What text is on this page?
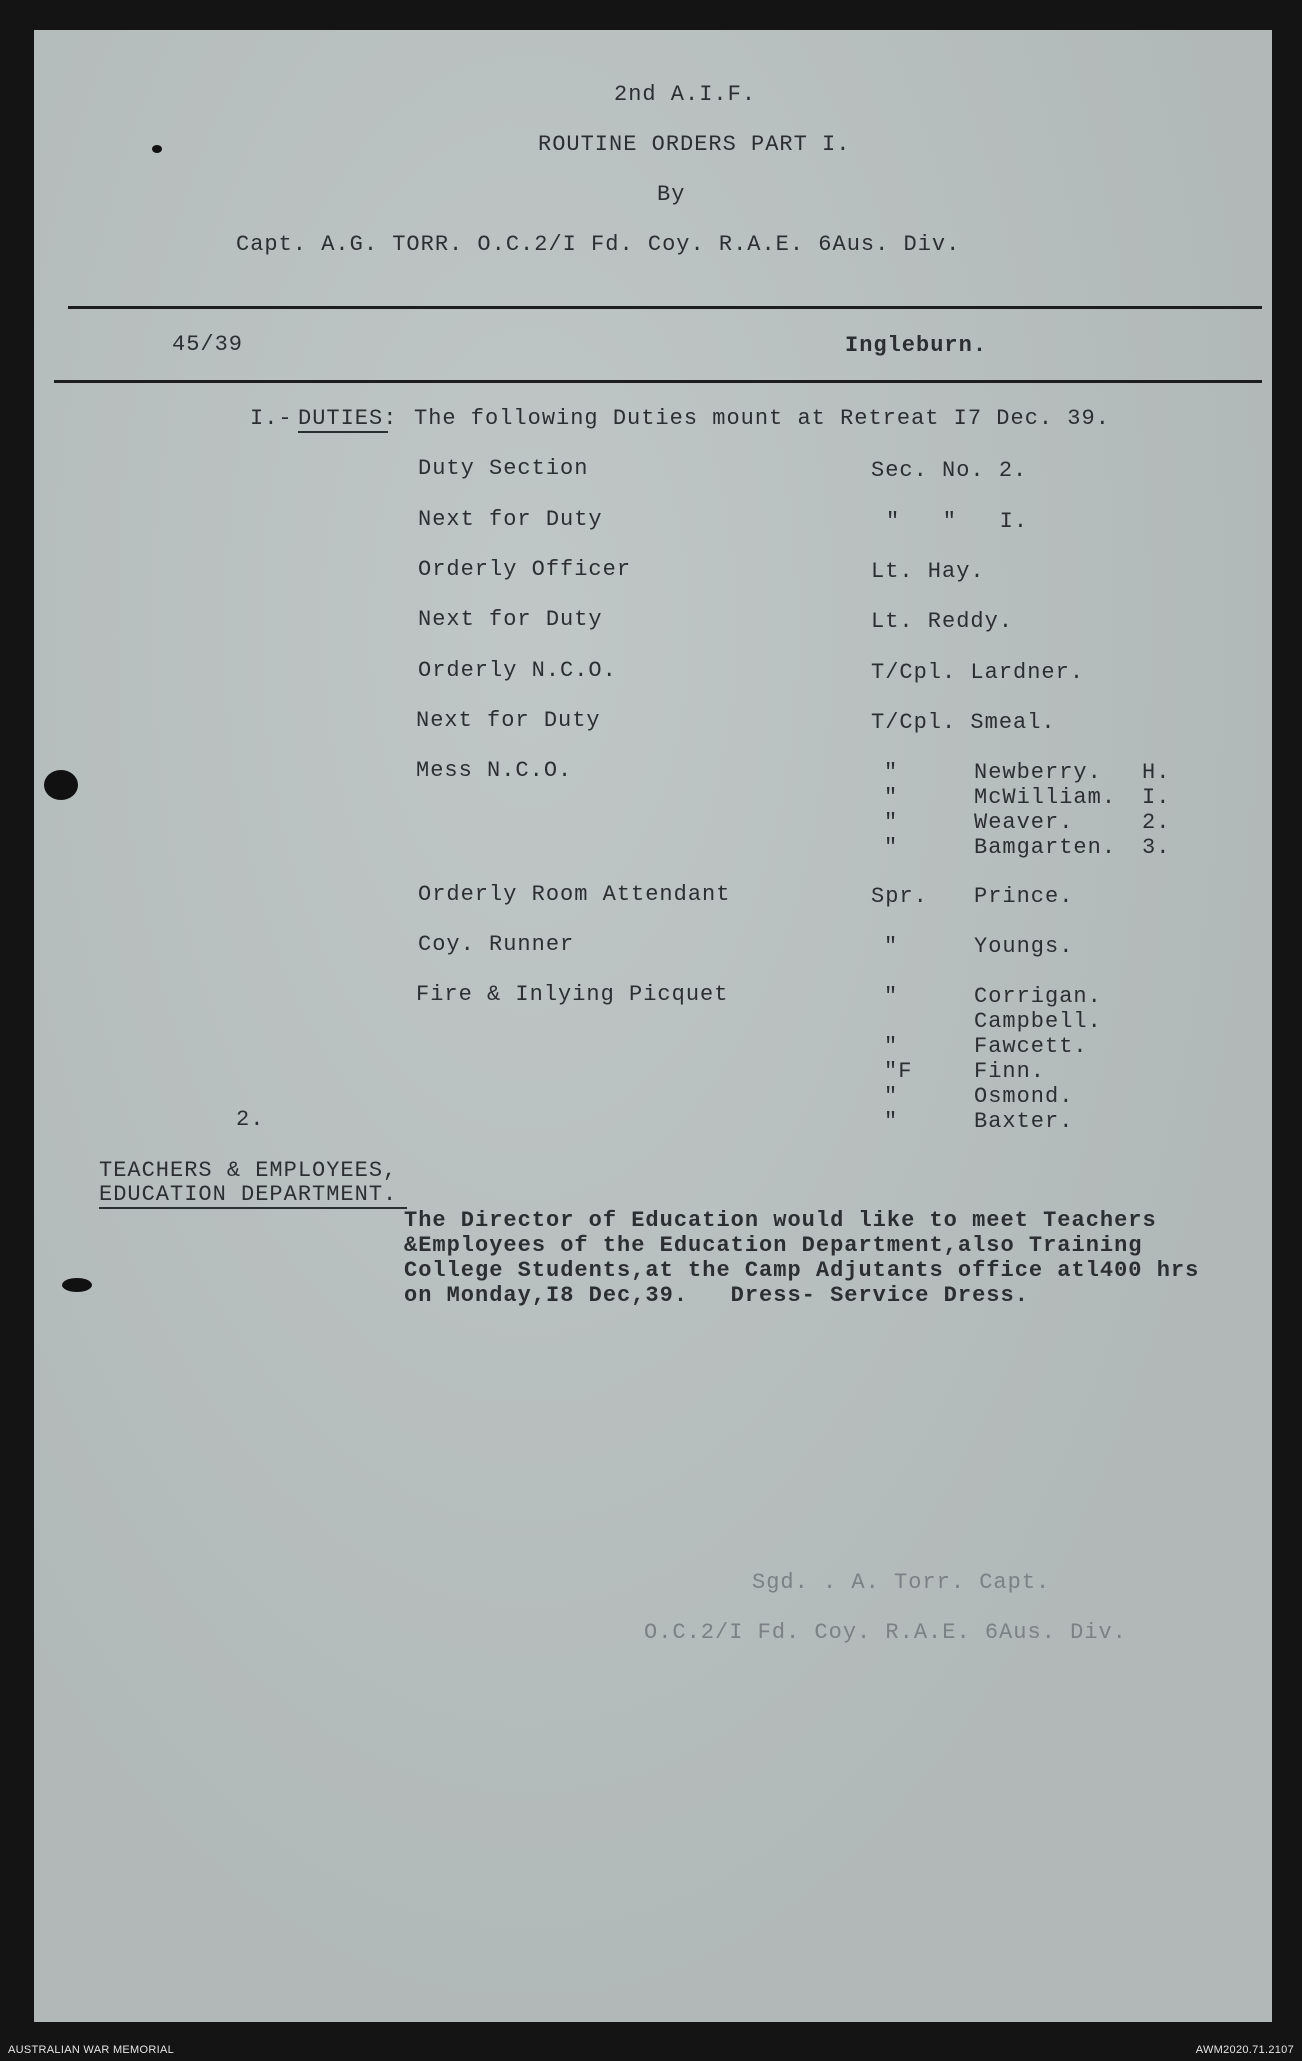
2nd A.I.F.
ROUTINE ORDERS PART I.
By
Capt. A.G. TORR. O.C.2/I Fd. Coy. R.A.E. 6Aus. Div.
45/39	Ingleburn.
I.- DUTIES: The following Duties mount at Retreat I7 Dec. 39.
Duty Section	Sec. No. 2.
Next for Duty	"   "   I.
Orderly Officer	Lt. Hay.
Next for Duty	Lt. Reddy.
Orderly N.C.O.	T/Cpl. Lardner.
Next for Duty	T/Cpl. Smeal.
Mess N.C.O.	"	Newberry. H.
"	McWilliam. I.
"	Weaver.	2.
"	Bamgarten. 3.
Orderly Room Attendant	Spr. Prince.
Coy. Runner	"	Youngs.
Fire & Inlying Picquet	"	Corrigan.
Campbell.
"	Fawcett.
"F	Finn.
"	Osmond.
"	Baxter.
2.
TEACHERS & EMPLOYEES,
EDUCATION DEPARTMENT.
The Director of Education would like to meet Teachers
&Employees of the Education Department,also Training
College Students,at the Camp Adjutants office atl400 hrs
on Monday,I8 Dec,39.   Dress- Service Dress.
Sgd. . A. Torr. Capt.
O.C.2/I Fd. Coy. R.A.E. 6Aus. Div.
AUSTRALIAN WAR MEMORIAL	AWM2020.71.2107
